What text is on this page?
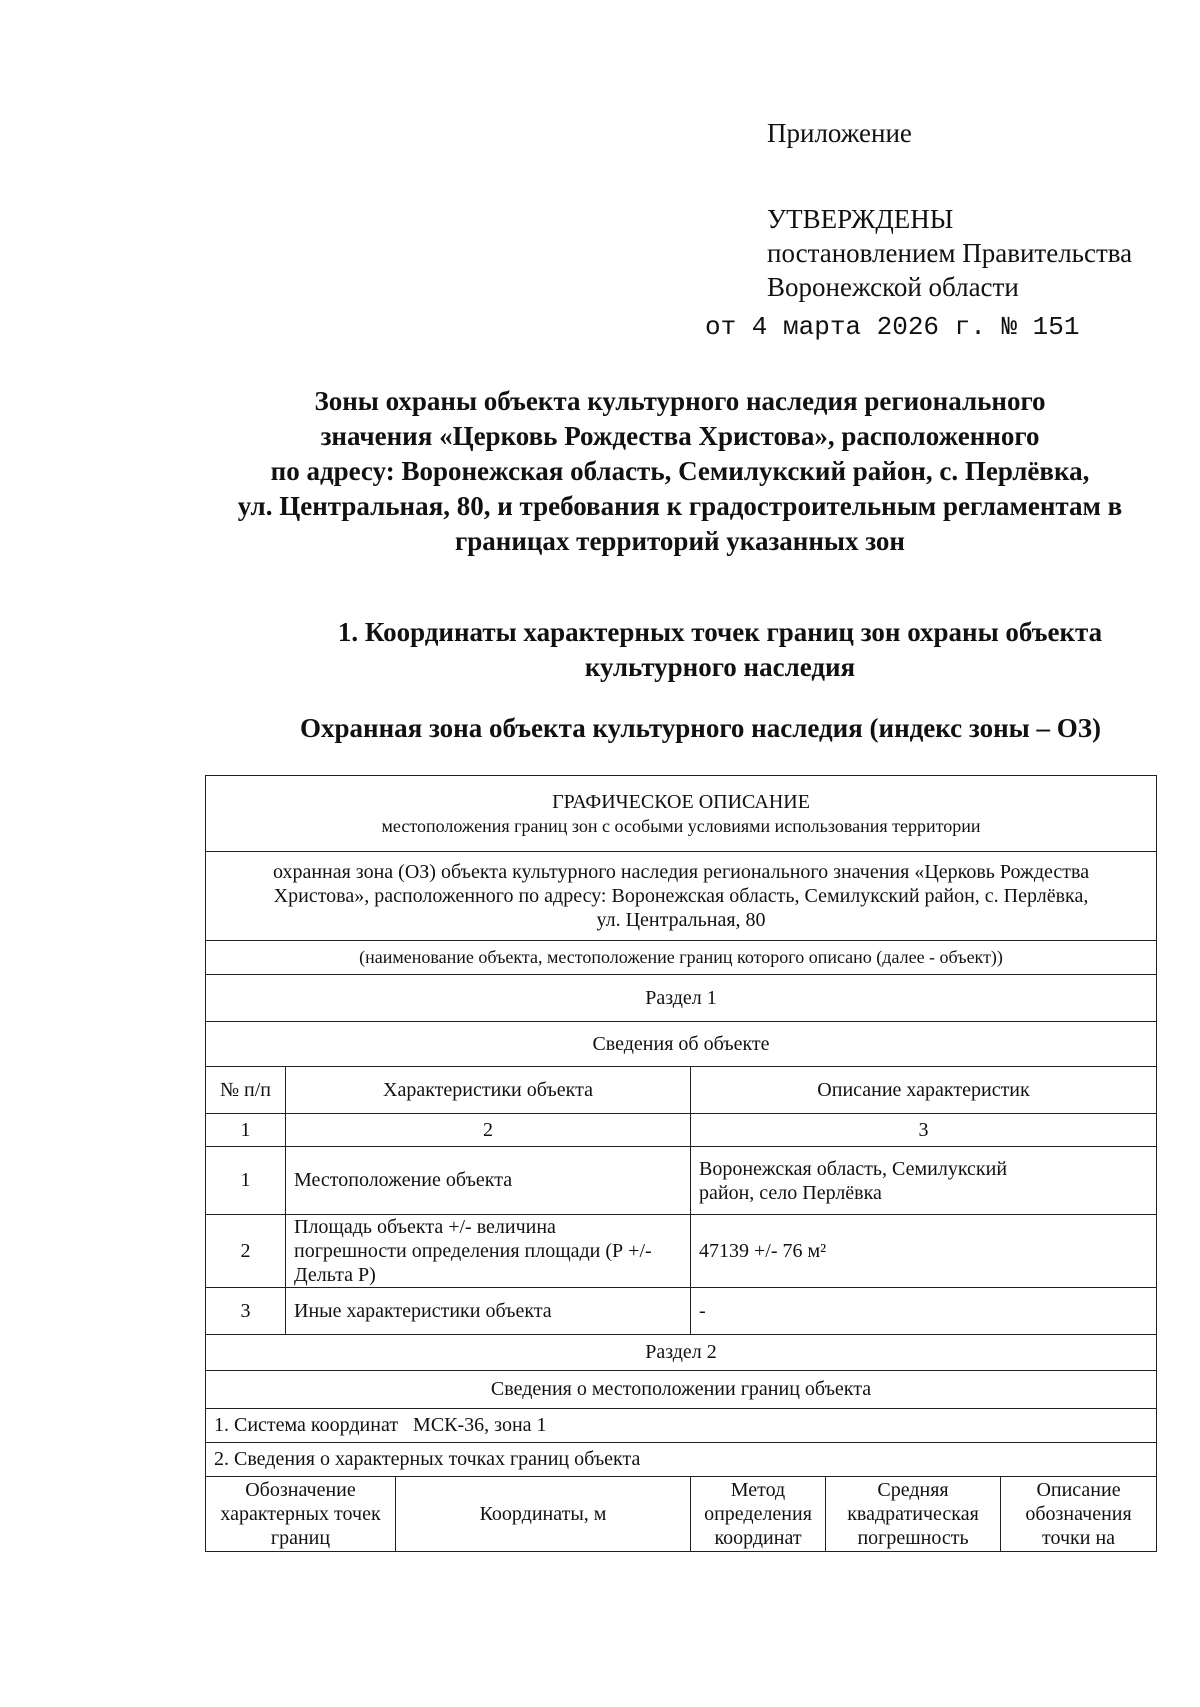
Приложение
УТВЕРЖДЕНЫ
постановлением Правительства
Воронежской области
от 4 марта 2026 г. № 151
Зоны охраны объекта культурного наследия регионального
значения «Церковь Рождества Христова», расположенного
по адресу: Воронежская область, Семилукский район, с. Перлёвка,
ул. Центральная, 80, и требования к градостроительным регламентам в
границах территорий указанных зон
1. Координаты характерных точек границ зон охраны объекта
культурного наследия
Охранная зона объекта культурного наследия (индекс зоны – ОЗ)
ГРАФИЧЕСКОЕ ОПИСАНИЕ
местоположения границ зон с особыми условиями использования территории					

охранная зона (ОЗ) объекта культурного наследия регионального значения «Церковь Рождества
Христова», расположенного по адресу: Воронежская область, Семилукский район, с. Перлёвка,
ул. Центральная, 80					

(наименование объекта, местоположение границ которого описано (далее - объект))					
Раздел 1					
Сведения об объекте					
№ п/п	Характеристики объекта		Описание характеристик		
1	2		3		
1	Местоположение объекта		Воронежская область, Семилукский
район, село Перлёвка		

2	Площадь объекта +/- величина
погрешности определения площади (Р +/- Дельта Р)		47139 +/- 76 м²		
3	Иные характеристики объекта		-		
Раздел 2					
Сведения о местоположении границ объекта					
1. Система координат   МСК-36, зона 1					
2. Сведения о характерных точках границ объекта					
Обозначение характерных точек границ		Координаты, м	Метод определения координат	Средняя квадратическая погрешность	Описание обозначения точки на
